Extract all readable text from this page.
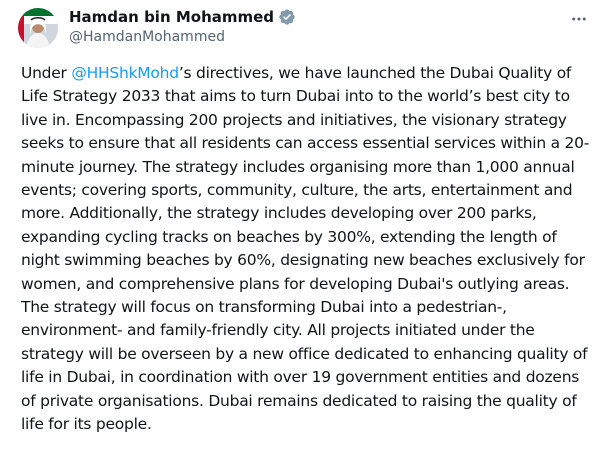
Hamdan bin Mohammed
@HamdanMohammed

Under @HHShkMohd’s directives, we have launched the Dubai Quality of Life Strategy 2033 that aims to turn Dubai into to the world’s best city to live in. Encompassing 200 projects and initiatives, the visionary strategy seeks to ensure that all residents can access essential services within a 20-minute journey. The strategy includes organising more than 1,000 annual events; covering sports, community, culture, the arts, entertainment and more. Additionally, the strategy includes developing over 200 parks, expanding cycling tracks on beaches by 300%, extending the length of night swimming beaches by 60%, designating new beaches exclusively for women, and comprehensive plans for developing Dubai's outlying areas. The strategy will focus on transforming Dubai into a pedestrian-, environment- and family-friendly city. All projects initiated under the strategy will be overseen by a new office dedicated to enhancing quality of life in Dubai, in coordination with over 19 government entities and dozens of private organisations. Dubai remains dedicated to raising the quality of life for its people.
